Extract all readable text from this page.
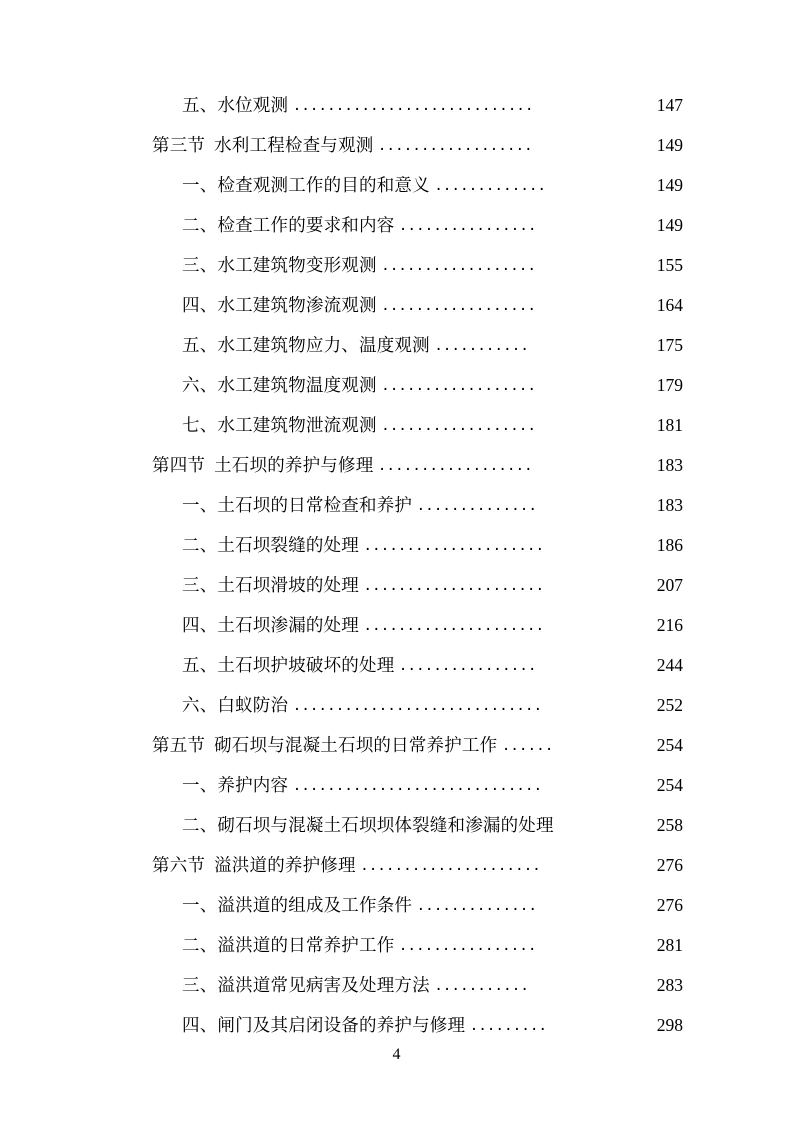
五、 水位观测 ............................	147
第三节 水利工程检查与观测 ..................	149
一、 检查观测工作的目的和意义 .............	149
二、 检查工作的要求和内容 ................	149
三、 水工建筑物变形观测 ..................	155
四、 水工建筑物渗流观测 ..................	164
五、 水工建筑物应力、温度观测 ...........	175
六、 水工建筑物温度观测 ..................	179
七、 水工建筑物泄流观测 ..................	181
第四节 土石坝的养护与修理 ..................	183
一、 土石坝的日常检查和养护 ..............	183
二、 土石坝裂缝的处理 .....................	186
三、 土石坝滑坡的处理 .....................	207
四、 土石坝渗漏的处理 .....................	216
五、 土石坝护坡破坏的处理 ................	244
六、 白蚁防治 .............................	252
第五节 砌石坝与混凝土石坝的日常养护工作 ......	254
一、 养护内容 .............................	254
二、 砌石坝与混凝土石坝坝体裂缝和渗漏的处理	258
第六节 溢洪道的养护修理 .....................	276
一、 溢洪道的组成及工作条件 ..............	276
二、 溢洪道的日常养护工作 ................	281
三、 溢洪道常见病害及处理方法 ...........	283
四、 闸门及其启闭设备的养护与修理 .........	298
4
